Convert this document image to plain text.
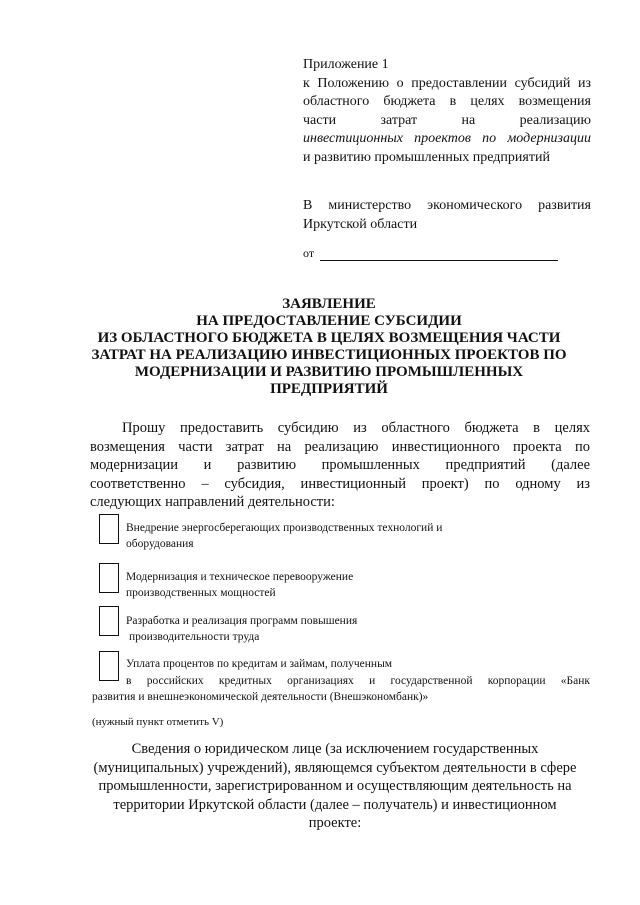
Приложение 1
к Положению о предоставлении субсидий из
областного бюджета в целях возмещения
части затрат на реализацию
инвестиционных проектов по модернизации
и развитию промышленных предприятий
В министерство экономического развития
Иркутской области
от
ЗАЯВЛЕНИЕ
НА ПРЕДОСТАВЛЕНИЕ СУБСИДИИ
ИЗ ОБЛАСТНОГО БЮДЖЕТА В ЦЕЛЯХ ВОЗМЕЩЕНИЯ ЧАСТИ
ЗАТРАТ НА РЕАЛИЗАЦИЮ ИНВЕСТИЦИОННЫХ ПРОЕКТОВ ПО
МОДЕРНИЗАЦИИ И РАЗВИТИЮ ПРОМЫШЛЕННЫХ
ПРЕДПРИЯТИЙ
Прошу предоставить субсидию из областного бюджета в целях
возмещения части затрат на реализацию инвестиционного проекта по
модернизации и развитию промышленных предприятий (далее
соответственно – субсидия, инвестиционный проект) по одному из
следующих направлений деятельности:
Внедрение энергосберегающих производственных технологий и
оборудования
Модернизация и техническое перевооружение
производственных мощностей
Разработка и реализация программ повышения
производительности труда
Уплата процентов по кредитам и займам, полученным
в российских кредитных организациях и государственной корпорации «Банк
развития и внешнеэкономической деятельности (Внешэкономбанк)»
(нужный пункт отметить V)
Сведения о юридическом лице (за исключением государственных
(муниципальных) учреждений), являющемся субъектом деятельности в сфере
промышленности, зарегистрированном и осуществляющим деятельность на
территории Иркутской области (далее – получатель) и инвестиционном
проекте:
